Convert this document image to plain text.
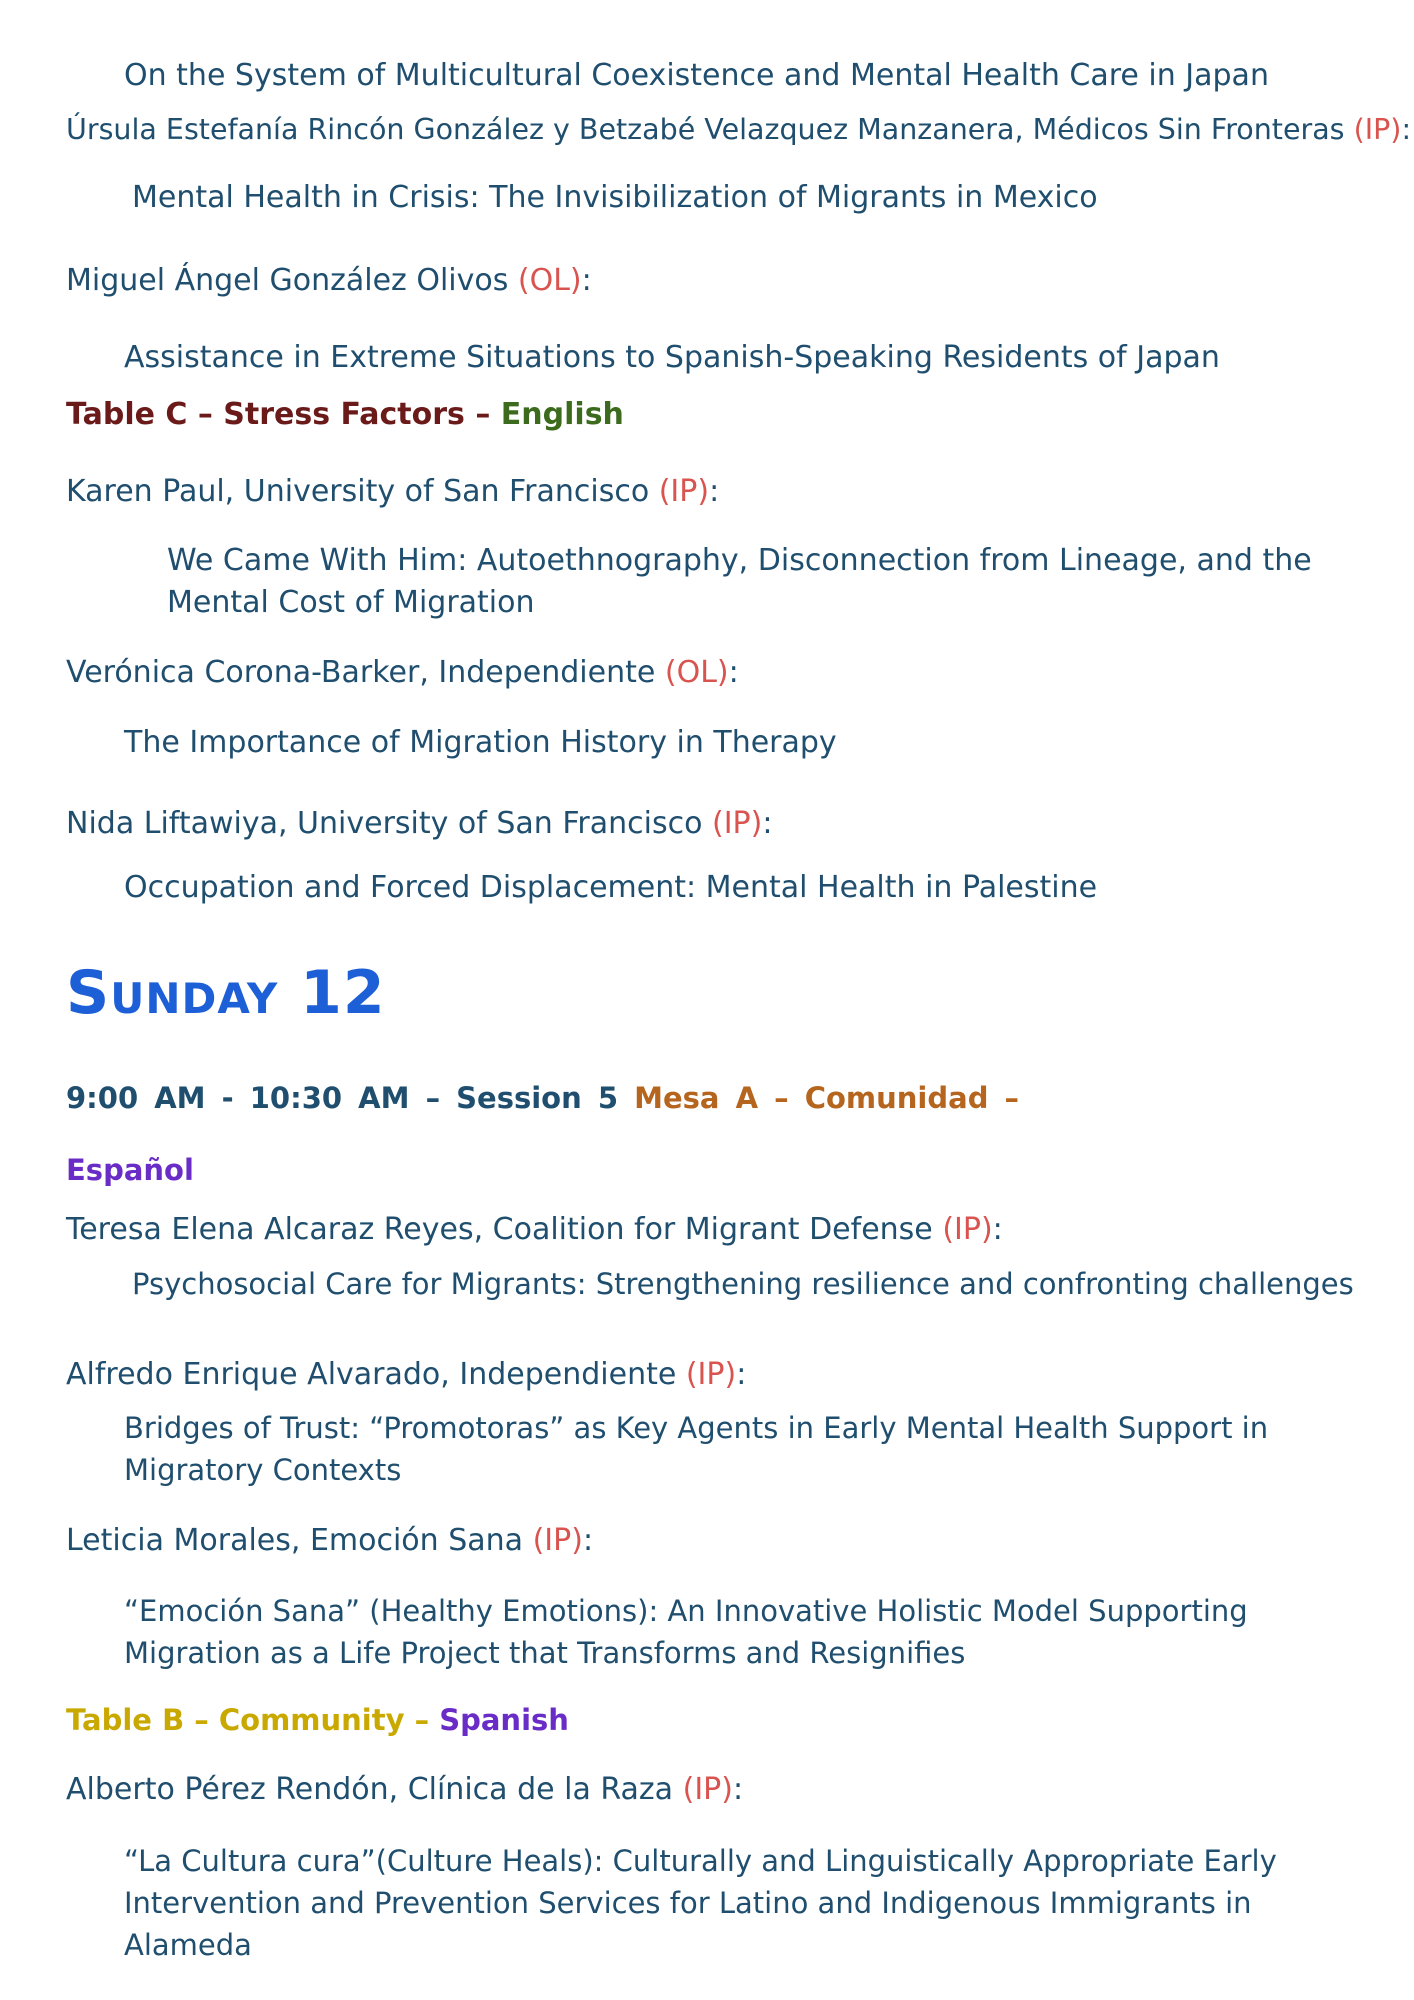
On the System of Multicultural Coexistence and Mental Health Care in Japan
Úrsula Estefanía Rincón González y Betzabé Velazquez Manzanera, Médicos Sin Fronteras (IP):
Mental Health in Crisis: The Invisibilization of Migrants in Mexico
Miguel Ángel González Olivos (OL):
Assistance in Extreme Situations to Spanish-Speaking Residents of Japan
Table C – Stress Factors – English
Karen Paul, University of San Francisco (IP):
We Came With Him: Autoethnography, Disconnection from Lineage, and the Mental Cost of Migration
Verónica Corona-Barker, Independiente (OL):
The Importance of Migration History in Therapy
Nida Liftawiya, University of San Francisco (IP):
Occupation and Forced Displacement: Mental Health in Palestine
Sunday 12
9:00 AM - 10:30 AM – Session 5 Mesa A – Comunidad –
Español
Teresa Elena Alcaraz Reyes, Coalition for Migrant Defense (IP):
Psychosocial Care for Migrants: Strengthening resilience and confronting challenges
Alfredo Enrique Alvarado, Independiente (IP):
Bridges of Trust: “Promotoras” as Key Agents in Early Mental Health Support in Migratory Contexts
Leticia Morales, Emoción Sana (IP):
“Emoción Sana” (Healthy Emotions): An Innovative Holistic Model Supporting Migration as a Life Project that Transforms and Resignifies
Table B – Community – Spanish
Alberto Pérez Rendón, Clínica de la Raza (IP):
“La Cultura cura”(Culture Heals): Culturally and Linguistically Appropriate Early Intervention and Prevention Services for Latino and Indigenous Immigrants in Alameda
